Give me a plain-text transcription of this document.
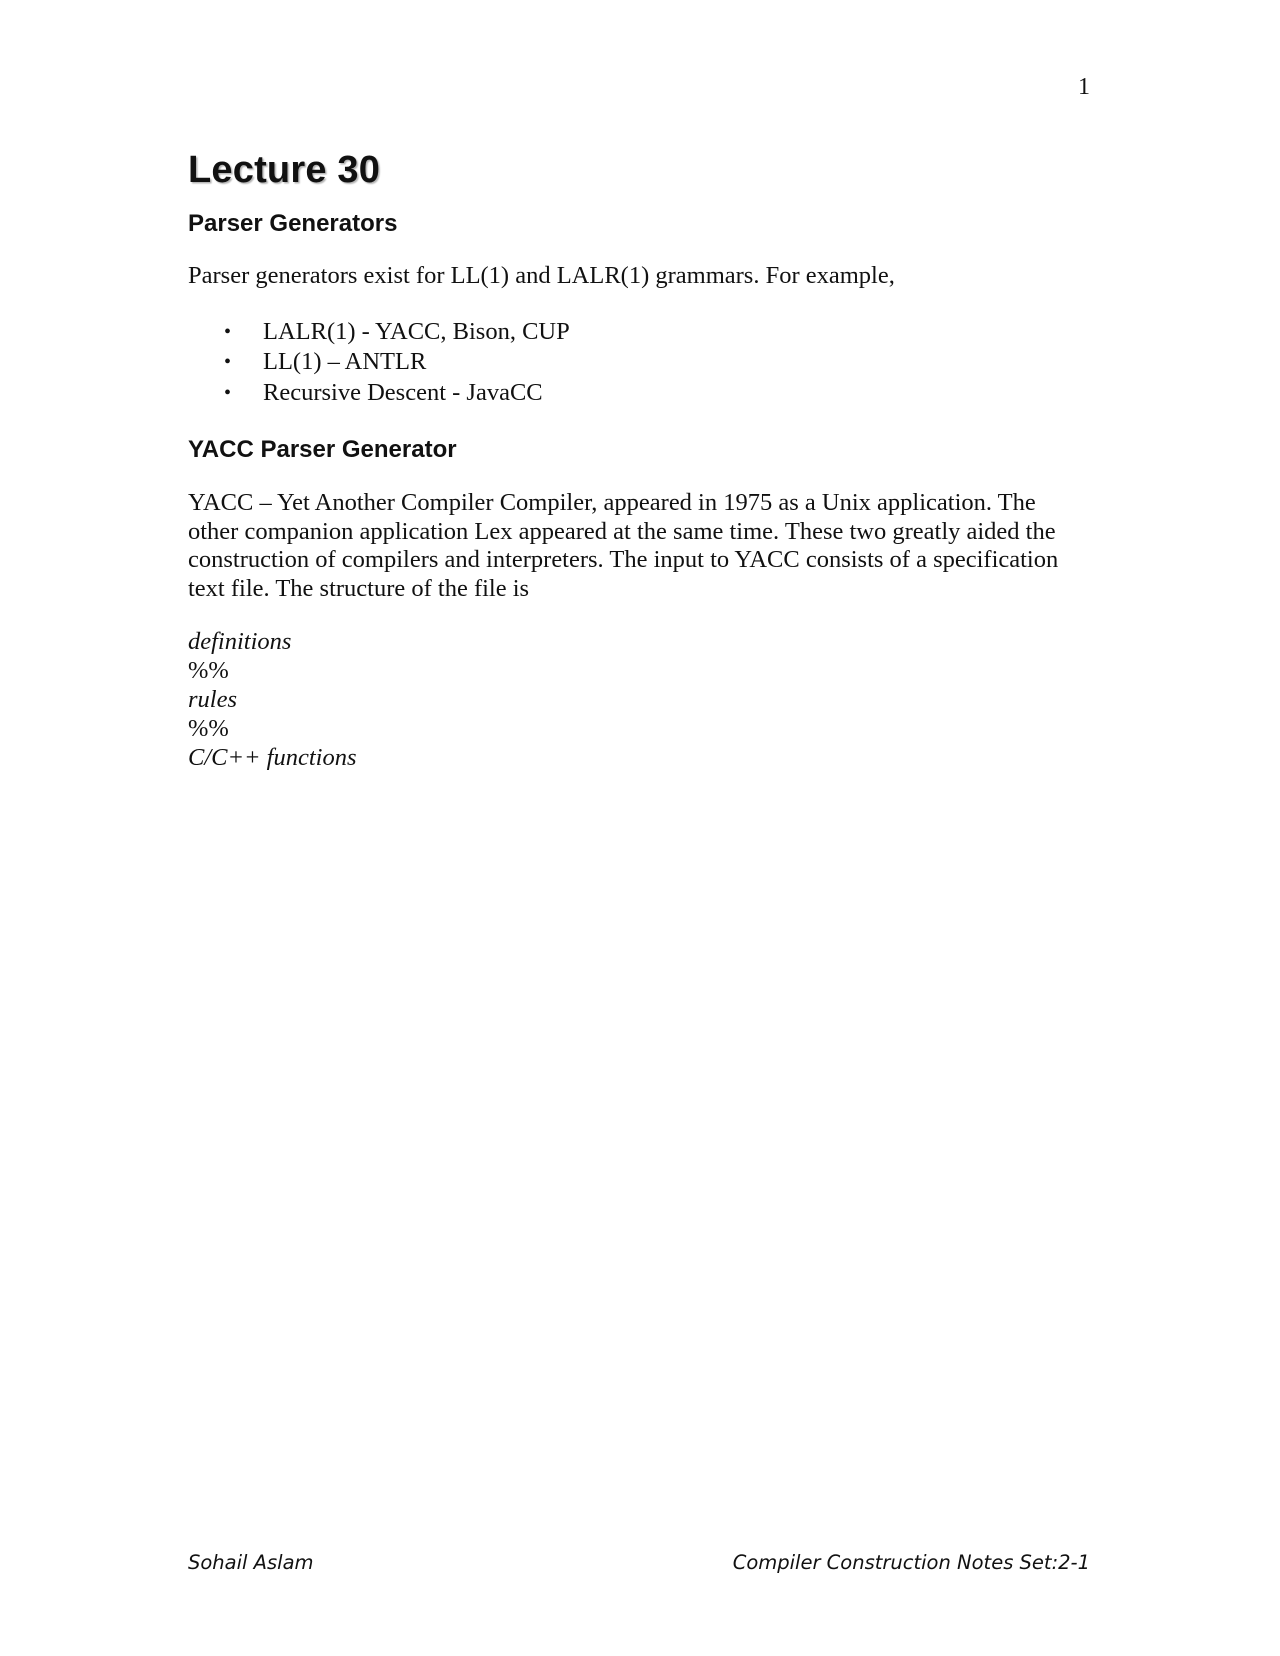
1
Lecture 30
Parser Generators

Parser generators exist for LL(1) and LALR(1) grammars. For example,

• LALR(1) - YACC, Bison, CUP
• LL(1) – ANTLR
• Recursive Descent - JavaCC
YACC Parser Generator

YACC – Yet Another Compiler Compiler, appeared in 1975 as a Unix application. The other companion application Lex appeared at the same time. These two greatly aided the construction of compilers and interpreters. The input to YACC consists of a specification text file. The structure of the file is

definitions
%%
rules
%%
C/C++ functions
Sohail Aslam	Compiler Construction Notes Set:2-1
